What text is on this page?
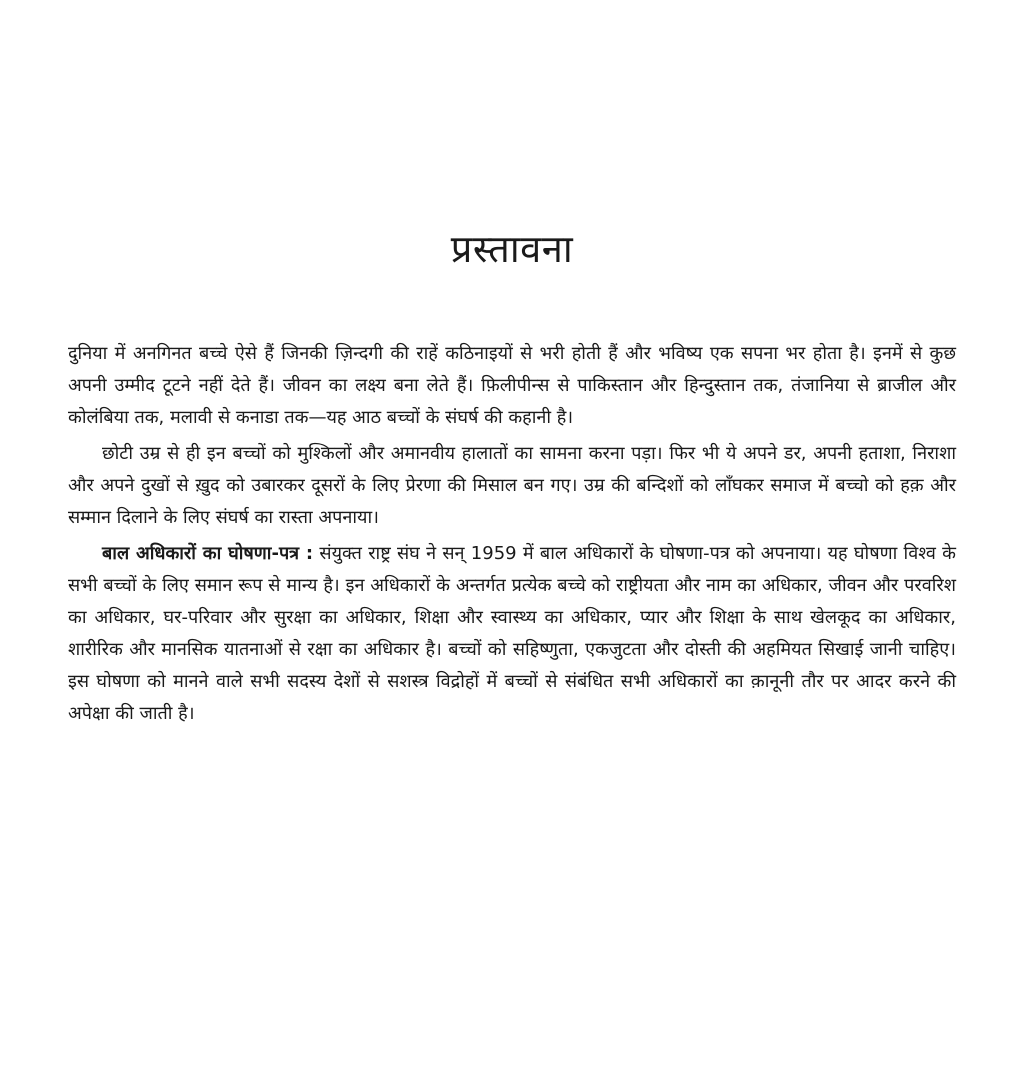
प्रस्तावना

दुनिया में अनगिनत बच्चे ऐसे हैं जिनकी ज़िन्दगी की राहें कठिनाइयों से भरी होती हैं और भविष्य एक सपना भर होता है। इनमें से कुछ अपनी उम्मीद टूटने नहीं देते हैं। जीवन का लक्ष्य बना लेते हैं। फ़िलीपीन्स से पाकिस्तान और हिन्दुस्तान तक, तंजानिया से ब्राजील और कोलंबिया तक, मलावी से कनाडा तक—यह आठ बच्चों के संघर्ष की कहानी है।

छोटी उम्र से ही इन बच्चों को मुश्किलों और अमानवीय हालातों का सामना करना पड़ा। फिर भी ये अपने डर, अपनी हताशा, निराशा और अपने दुखों से ख़ुद को उबारकर दूसरों के लिए प्रेरणा की मिसाल बन गए। उम्र की बन्दिशों को लाँघकर समाज में बच्चो को हक़ और सम्मान दिलाने के लिए संघर्ष का रास्ता अपनाया।

बाल अधिकारों का घोषणा-पत्र : संयुक्त राष्ट्र संघ ने सन् 1959 में बाल अधिकारों के घोषणा-पत्र को अपनाया। यह घोषणा विश्व के सभी बच्चों के लिए समान रूप से मान्य है। इन अधिकारों के अन्तर्गत प्रत्येक बच्चे को राष्ट्रीयता और नाम का अधिकार, जीवन और परवरिश का अधिकार, घर-परिवार और सुरक्षा का अधिकार, शिक्षा और स्वास्थ्य का अधिकार, प्यार और शिक्षा के साथ खेलकूद का अधिकार, शारीरिक और मानसिक यातनाओं से रक्षा का अधिकार है। बच्चों को सहिष्णुता, एकजुटता और दोस्ती की अहमियत सिखाई जानी चाहिए। इस घोषणा को मानने वाले सभी सदस्य देशों से सशस्त्र विद्रोहों में बच्चों से संबंधित सभी अधिकारों का क़ानूनी तौर पर आदर करने की अपेक्षा की जाती है।
